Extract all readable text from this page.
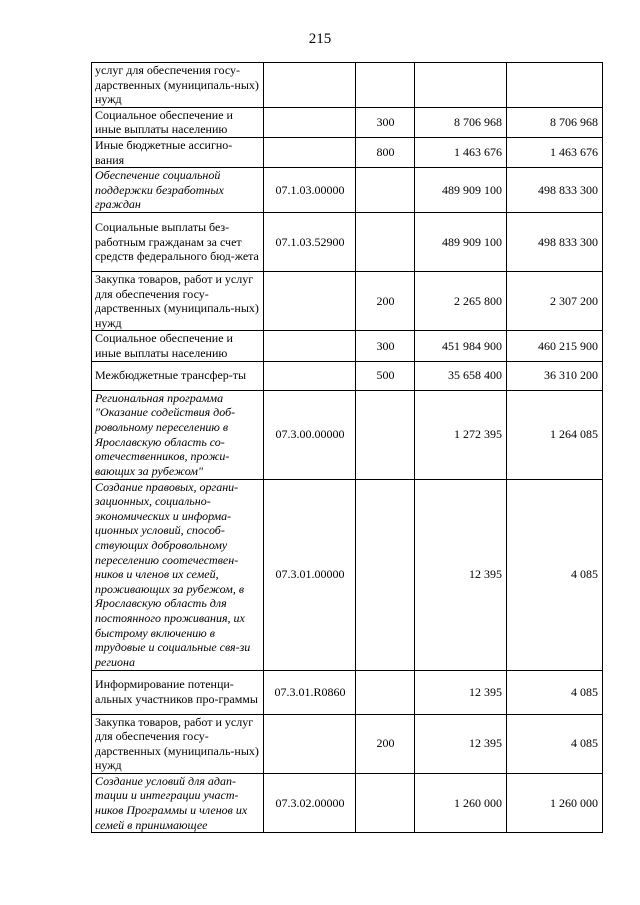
215
услуг для обеспечения госу-дарственных (муниципаль-ных) нужд				
Социальное обеспечение и иные выплаты населению		300	8 706 968	8 706 968
Иные бюджетные ассигно-вания		800	1 463 676	1 463 676
Обеспечение социальной поддержки безработных граждан	07.1.03.00000		489 909 100	498 833 300
Социальные выплаты без-работным гражданам за счет средств федерального бюд-жета	07.1.03.52900		489 909 100	498 833 300
Закупка товаров, работ и услуг для обеспечения госу-дарственных (муниципаль-ных) нужд		200	2 265 800	2 307 200
Социальное обеспечение и иные выплаты населению		300	451 984 900	460 215 900
Межбюджетные трансфер-ты		500	35 658 400	36 310 200
Региональная программа "Оказание содействия доб-ровольному переселению в Ярославскую область со-отечественников, прожи-вающих за рубежом"	07.3.00.00000		1 272 395	1 264 085
Создание правовых, органи-зационных, социально-экономических и информа-ционных условий, способ-ствующих добровольному переселению соотечествен-ников и членов их семей, проживающих за рубежом, в Ярославскую область для постоянного проживания, их быстрому включению в трудовые и социальные свя-зи региона	07.3.01.00000		12 395	4 085
Информирование потенци-альных участников про-граммы	07.3.01.R0860		12 395	4 085
Закупка товаров, работ и услуг для обеспечения госу-дарственных (муниципаль-ных) нужд		200	12 395	4 085
Создание условий для адап-тации и интеграции участ-ников Программы и членов их семей в принимающее	07.3.02.00000		1 260 000	1 260 000
